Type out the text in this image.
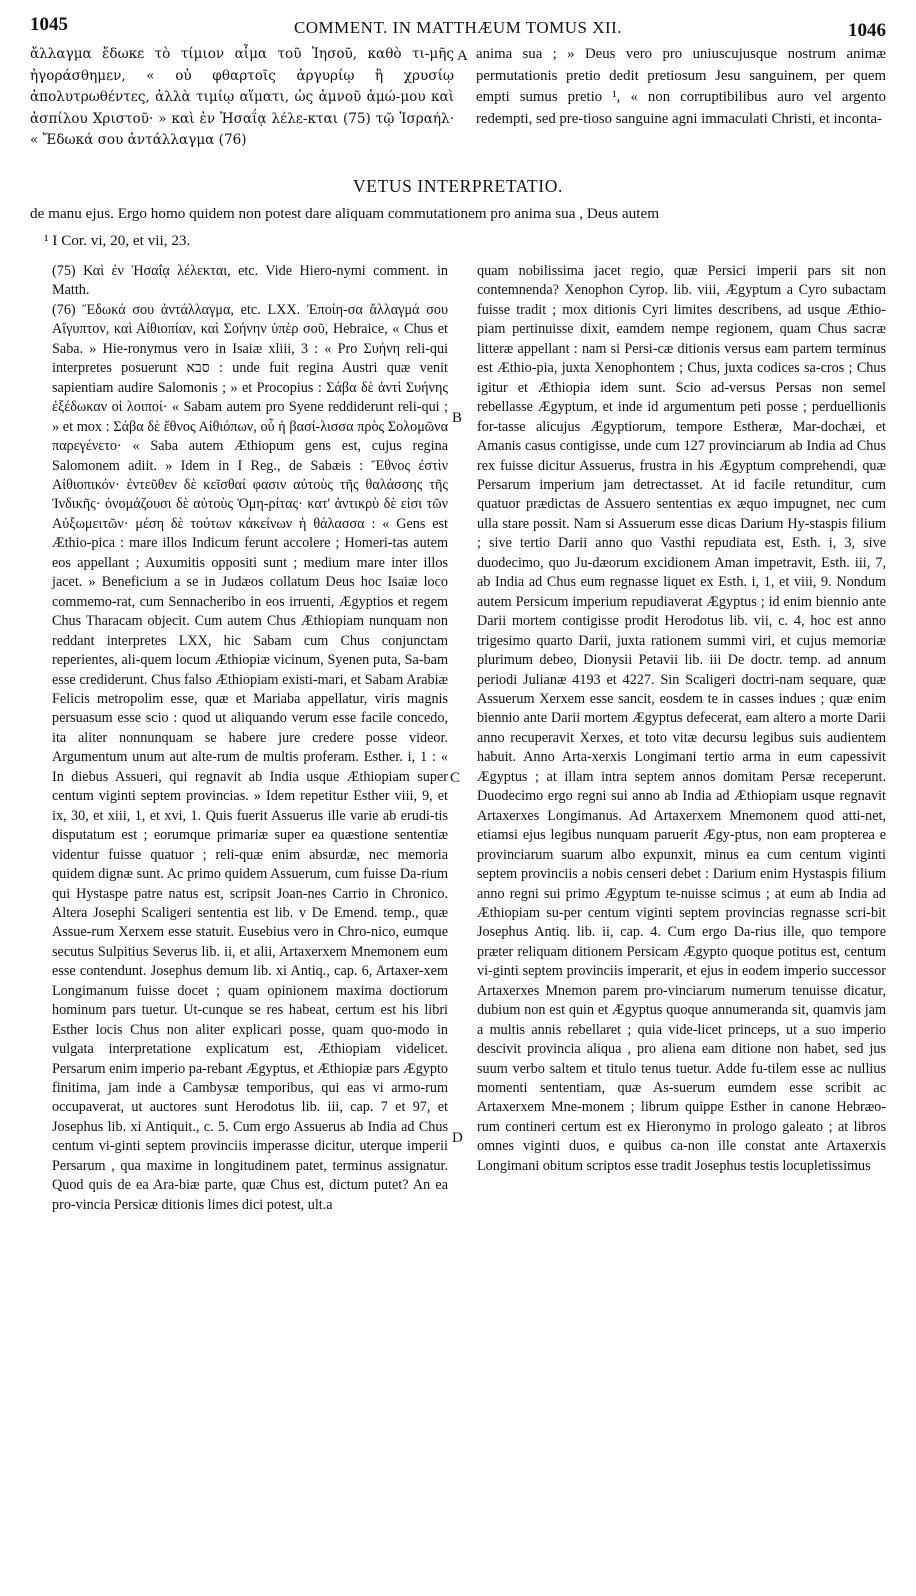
1045	COMMENT. IN MATTHÆUM TOMUS XII.	1046
ἄλλαγμα ἔδωκε τὸ τίμιον αἷμα τοῦ Ἰησοῦ, καθὸ τι-μῆς ἠγοράσθημεν, « οὐ φθαρτοῖς ἀργυρίῳ ἢ χρυσίῳ ἀπολυτρωθέντες, ἀλλὰ τιμίῳ αἵματι, ὡς ἀμνοῦ ἀμώ-μου καὶ ἀσπίλου Χριστοῦ· » καὶ ἐν Ἠσαΐᾳ λέλε-κται (75) τῷ Ἰσραήλ· « Ἔδωκά σου ἀντάλλαγμα (76)
A anima sua ; » Deus vero pro uniuscujusque nostrum animæ permutationis pretio dedit pretiosum Jesu sanguinem, per quem empti sumus pretio ¹, « non corruptibilibus auro vel argento redempti, sed pre-tioso sanguine agni immaculati Christi, et inconta-
VETUS INTERPRETATIO.
de manu ejus. Ergo homo quidem non potest dare aliquam commutationem pro anima sua , Deus autem
¹ I Cor. vi, 20, et vii, 23.

(75) Καὶ ἐν Ἠσαΐᾳ λέλεκται, etc. Vide Hiero-nymi comment. in Matth.

(76) Ἔδωκά σου ἀντάλλαγμα, etc. LXX. Ἐποίη-σα ἄλλαγμά σου Αἴγυπτον, καὶ Αἰθιοπίαν, καὶ Σοήνην ὑπὲρ σοῦ, Hebraice, « Chus et Saba. » Hie-ronymus vero in Isaiæ xliii, 3 : « Pro Συήνη reli-qui interpretes posuerunt סבא : unde fuit regina Austri quæ venit sapientiam audire Salomonis ; » et Procopius : Σάβα δὲ ἀντὶ Συήνης ἐξέδωκαν οἱ λοιποί· « Sabam autem pro Syene reddiderunt reli-qui ; » et mox : Σάβα δὲ ἔθνος Αἰθιόπων, οὗ ἡ βασί-λισσα πρὸς Σολομῶνα παρεγένετο· « Saba autem Æthiopum gens est, cujus regina Salomonem adiit. » Idem in I Reg., de Sabæis : Ἔθνος ἐστὶν Αἰθιοπικόν· ἐντεῦθεν δὲ κεῖσθαί φασιν αὐτοὺς τῆς θαλάσσης τῆς Ἰνδικῆς· ὀνομάζουσι δὲ αὐτοὺς Ὁμη-ρίτας· κατ' ἀντικρὺ δὲ εἰσι τῶν Αὐξωμειτῶν· μέση δὲ τούτων κἀκείνων ἡ θάλασσα : « Gens est Æthio-pica : mare illos Indicum ferunt accolere ; Homeri-tas autem eos appellant ; Auxumitis oppositi sunt ; medium mare inter illos jacet. » Beneficium a se in Judæos collatum Deus hoc Isaiæ loco commemo-rat, cum Sennacheribo in eos irruenti, Ægyptios et regem Chus Tharacam objecit. Cum autem Chus Æthiopiam nunquam non reddant interpretes LXX, hic Sabam cum Chus conjunctam reperientes, ali-quem locum Æthiopiæ vicinum, Syenen puta, Sa-bam esse crediderunt. Chus falso Æthiopiam existi-mari, et Sabam Arabiæ Felicis metropolim esse, quæ et Mariaba appellatur, viris magnis persuasum esse scio : quod ut aliquando verum esse facile concedo, ita aliter nonnunquam se habere jure credere posse videor. Argumentum unum aut alte-rum de multis proferam. Esther. i, 1 : « In diebus Assueri, qui regnavit ab India usque Æthiopiam super centum viginti septem provincias. » Idem repetitur Esther viii, 9, et ix, 30, et xiii, 1, et xvi, 1. Quis fuerit Assuerus ille varie ab erudi-tis disputatum est ; eorumque primariæ super ea quæstione sententiæ videntur fuisse quatuor ; reli-quæ enim absurdæ, nec memoria quidem dignæ sunt. Ac primo quidem Assuerum, cum fuisse Da-rium qui Hystaspe patre natus est, scripsit Joan-nes Carrio in Chronico. Altera Josephi Scaligeri sententia est lib. v De Emend. temp., quæ Assue-rum Xerxem esse statuit. Eusebius vero in Chro-nico, eumque secutus Sulpitius Severus lib. ii, et alii, Artaxerxem Mnemonem eum esse contendunt. Josephus demum lib. xi Antiq., cap. 6, Artaxer-xem Longimanum fuisse docet ; quam opinionem maxima doctiorum hominum pars tuetur. Ut-cunque se res habeat, certum est his libri Esther locis Chus non aliter explicari posse, quam quo-modo in vulgata interpretatione explicatum est, Æthiopiam videlicet. Persarum enim imperio pa-rebant Ægyptus, et Æthiopiæ pars Ægypto finitima, jam inde a Cambysæ temporibus, qui eas vi armo-rum occupaverat, ut auctores sunt Herodotus lib. iii, cap. 7 et 97, et Josephus lib. xi Antiquit., c. 5. Cum ergo Assuerus ab India ad Chus centum vi-ginti septem provinciis imperasse dicitur, uterque imperii Persarum , qua maxime in longitudinem patet, terminus assignatur. Quod quis de ea Ara-biæ parte, quæ Chus est, dictum putet? An ea pro-vincia Persicæ ditionis limes dici potest, ult.a

B
C
D

quam nobilissima jacet regio, quæ Persici imperii pars sit non contemnenda? Xenophon Cyrop. lib. viii, Ægyptum a Cyro subactam fuisse tradit ; mox ditionis Cyri limites describens, ad usque Æthio-piam pertinuisse dixit, eamdem nempe regionem, quam Chus sacræ litteræ appellant : nam si Persi-cæ ditionis versus eam partem terminus est Æthio-pia, juxta Xenophontem ; Chus, juxta codices sa-cros ; Chus igitur et Æthiopia idem sunt. Scio ad-versus Persas non semel rebellasse Ægyptum, et inde id argumentum peti posse ; perduellionis for-tasse alicujus Ægyptiorum, tempore Estheræ, Mar-dochæi, et Amanis casus contigisse, unde cum 127 provinciarum ab India ad Chus rex fuisse dicitur Assuerus, frustra in his Ægyptum comprehendi, quæ Persarum imperium jam detrectasset. At id facile retunditur, cum quatuor prædictas de Assuero sententias ex æquo impugnet, nec cum ulla stare possit. Nam si Assuerum esse dicas Darium Hy-staspis filium ; sive tertio Darii anno quo Vasthi repudiata est, Esth. i, 3, sive duodecimo, quo Ju-dæorum excidionem Aman impetravit, Esth. iii, 7, ab India ad Chus eum regnasse liquet ex Esth. i, 1, et viii, 9. Nondum autem Persicum imperium repudiaverat Ægyptus ; id enim biennio ante Darii mortem contigisse prodit Herodotus lib. vii, c. 4, hoc est anno trigesimo quarto Darii, juxta rationem summi viri, et cujus memoriæ plurimum debeo, Dionysii Petavii lib. iii De doctr. temp. ad annum periodi Julianæ 4193 et 4227. Sin Scaligeri doctri-nam sequare, quæ Assuerum Xerxem esse sancit, eosdem te in casses indues ; quæ enim biennio ante Darii mortem Ægyptus defecerat, eam altero a morte Darii anno recuperavit Xerxes, et toto vitæ decursu legibus suis audientem habuit. Anno Arta-xerxis Longimani tertio arma in eum capessivit Ægyptus ; at illam intra septem annos domitam Persæ receperunt. Duodecimo ergo regni sui anno ab India ad Æthiopiam usque regnavit Artaxerxes Longimanus. Ad Artaxerxem Mnemonem quod atti-net, etiamsi ejus legibus nunquam paruerit Ægy-ptus, non eam propterea e provinciarum suarum albo expunxit, minus ea cum centum viginti septem provinciis a nobis censeri debet : Darium enim Hystaspis filium anno regni sui primo Ægyptum te-nuisse scimus ; at eum ab India ad Æthiopiam su-per centum viginti septem provincias regnasse scri-bit Josephus Antiq. lib. ii, cap. 4. Cum ergo Da-rius ille, quo tempore præter reliquam ditionem Persicam Ægypto quoque potitus est, centum vi-ginti septem provinciis imperarit, et ejus in eodem imperio successor Artaxerxes Mnemon parem pro-vinciarum numerum tenuisse dicatur, dubium non est quin et Ægyptus quoque annumeranda sit, quamvis jam a multis annis rebellaret ; quia vide-licet princeps, ut a suo imperio descivit provincia aliqua , pro aliena eam ditione non habet, sed jus suum verbo saltem et titulo tenus tuetur. Adde fu-tilem esse ac nullius momenti sententiam, quæ As-suerum eumdem esse scribit ac Artaxerxem Mne-monem ; librum quippe Esther in canone Hebræo-rum contineri certum est ex Hieronymo in prologo galeato ; at libros omnes viginti duos, e quibus ca-non ille constat ante Artaxerxis Longimani obitum scriptos esse tradit Josephus testis locupletissimus
